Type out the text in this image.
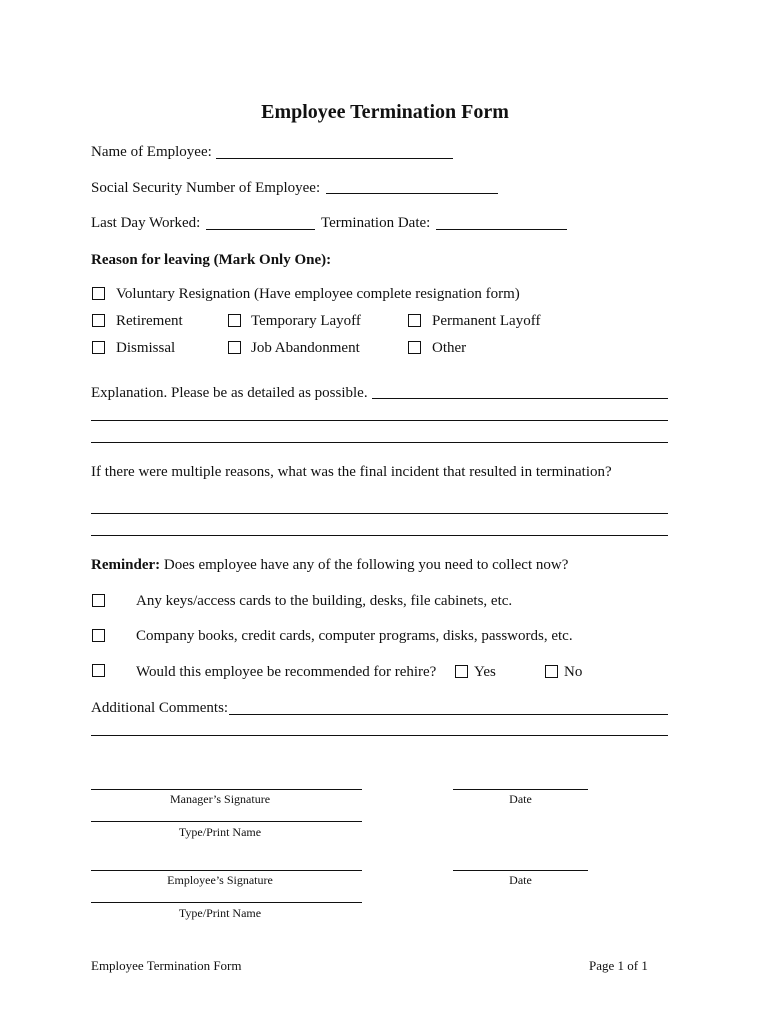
Employee Termination Form
Name of Employee:
Social Security Number of Employee:
Last Day Worked:	Termination Date:
Reason for leaving (Mark Only One):
Voluntary Resignation (Have employee complete resignation form)
Retirement	Temporary Layoff	Permanent Layoff
Dismissal	Job Abandonment	Other
Explanation. Please be as detailed as possible.
If there were multiple reasons, what was the final incident that resulted in termination?
Reminder: Does employee have any of the following you need to collect now?
Any keys/access cards to the building, desks, file cabinets, etc.
Company books, credit cards, computer programs, disks, passwords, etc.
Would this employee be recommended for rehire?	Yes	No
Additional Comments:
Manager’s Signature	Date
Type/Print Name
Employee’s Signature	Date
Type/Print Name
Employee Termination Form	Page 1 of 1
